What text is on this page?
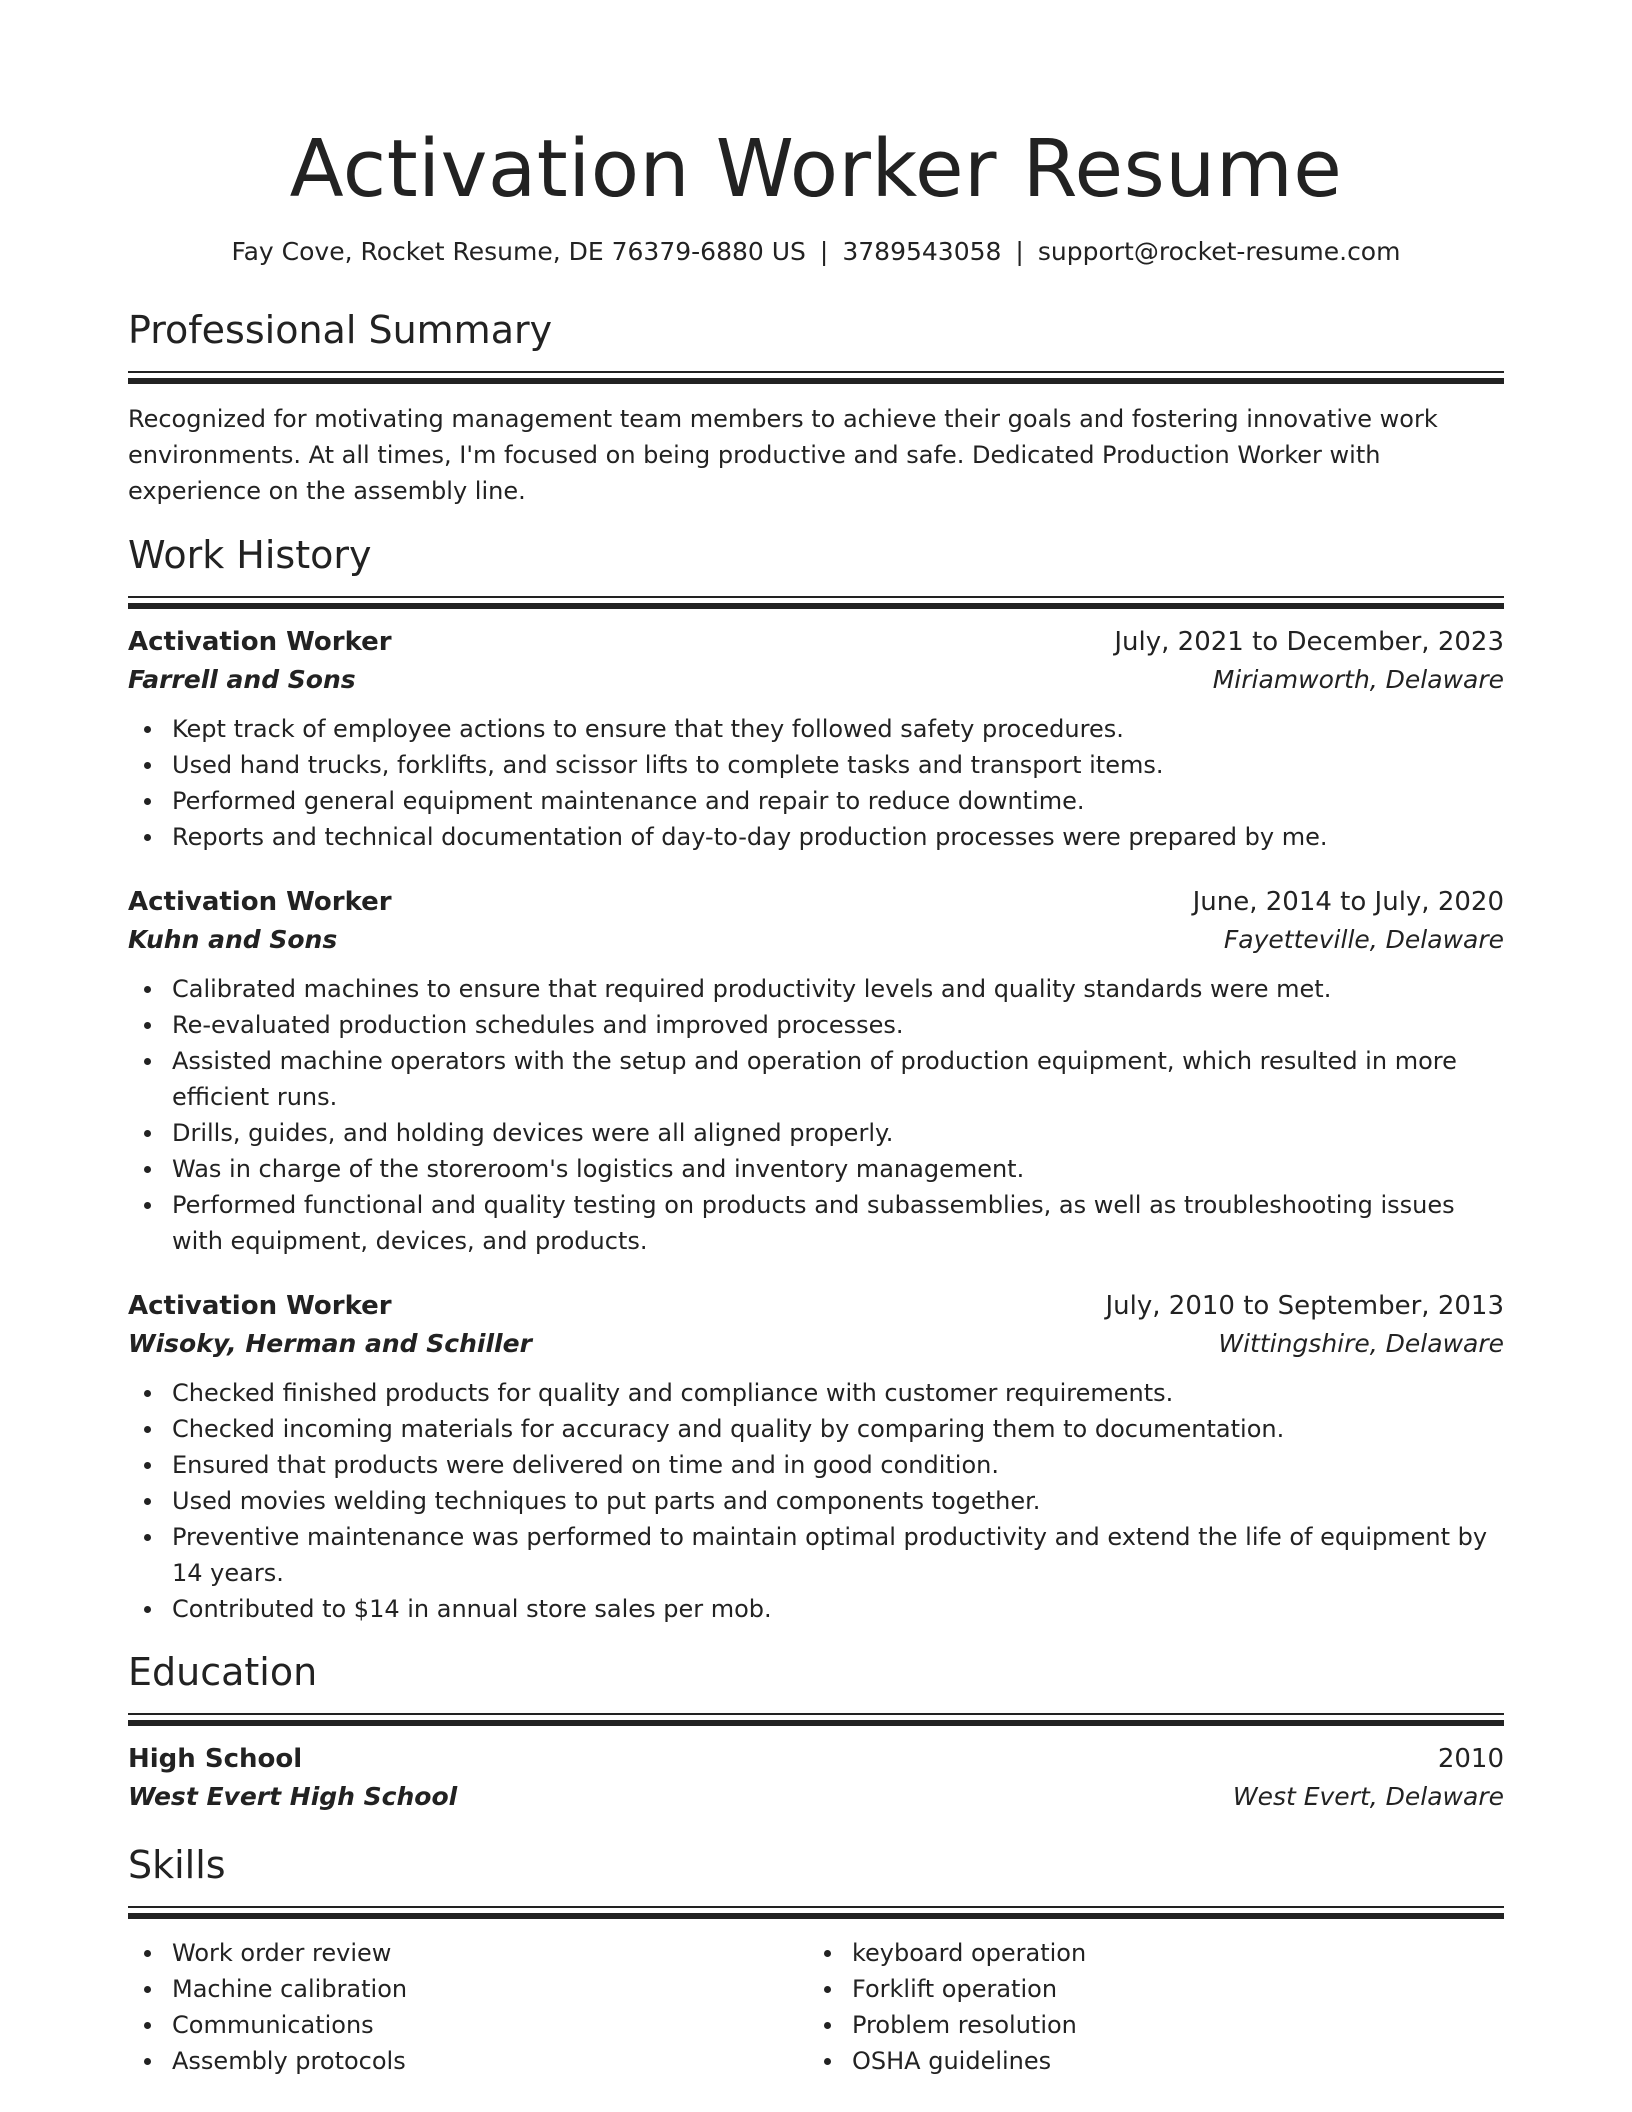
Activation Worker Resume
Fay Cove, Rocket Resume, DE 76379-6880 US | 3789543058 | support@rocket-resume.com
Professional Summary

Recognized for motivating management team members to achieve their goals and fostering innovative work environments. At all times, I'm focused on being productive and safe. Dedicated Production Worker with experience on the assembly line.

Work History
Activation Worker	July, 2021 to December, 2023
Farrell and Sons	Miriamworth, Delaware
Kept track of employee actions to ensure that they followed safety procedures.
Used hand trucks, forklifts, and scissor lifts to complete tasks and transport items.
Performed general equipment maintenance and repair to reduce downtime.
Reports and technical documentation of day-to-day production processes were prepared by me.
Activation Worker	June, 2014 to July, 2020
Kuhn and Sons	Fayetteville, Delaware
Calibrated machines to ensure that required productivity levels and quality standards were met.
Re-evaluated production schedules and improved processes.
Assisted machine operators with the setup and operation of production equipment, which resulted in more efficient runs.
Drills, guides, and holding devices were all aligned properly.
Was in charge of the storeroom's logistics and inventory management.
Performed functional and quality testing on products and subassemblies, as well as troubleshooting issues with equipment, devices, and products.
Activation Worker	July, 2010 to September, 2013
Wisoky, Herman and Schiller	Wittingshire, Delaware
Checked finished products for quality and compliance with customer requirements.
Checked incoming materials for accuracy and quality by comparing them to documentation.
Ensured that products were delivered on time and in good condition.
Used movies welding techniques to put parts and components together.
Preventive maintenance was performed to maintain optimal productivity and extend the life of equipment by 14 years.
Contributed to $14 in annual store sales per mob.
Education
High School	2010
West Evert High School	West Evert, Delaware
Skills
Work order review
Machine calibration
Communications
Assembly protocols
keyboard operation
Forklift operation
Problem resolution
OSHA guidelines
